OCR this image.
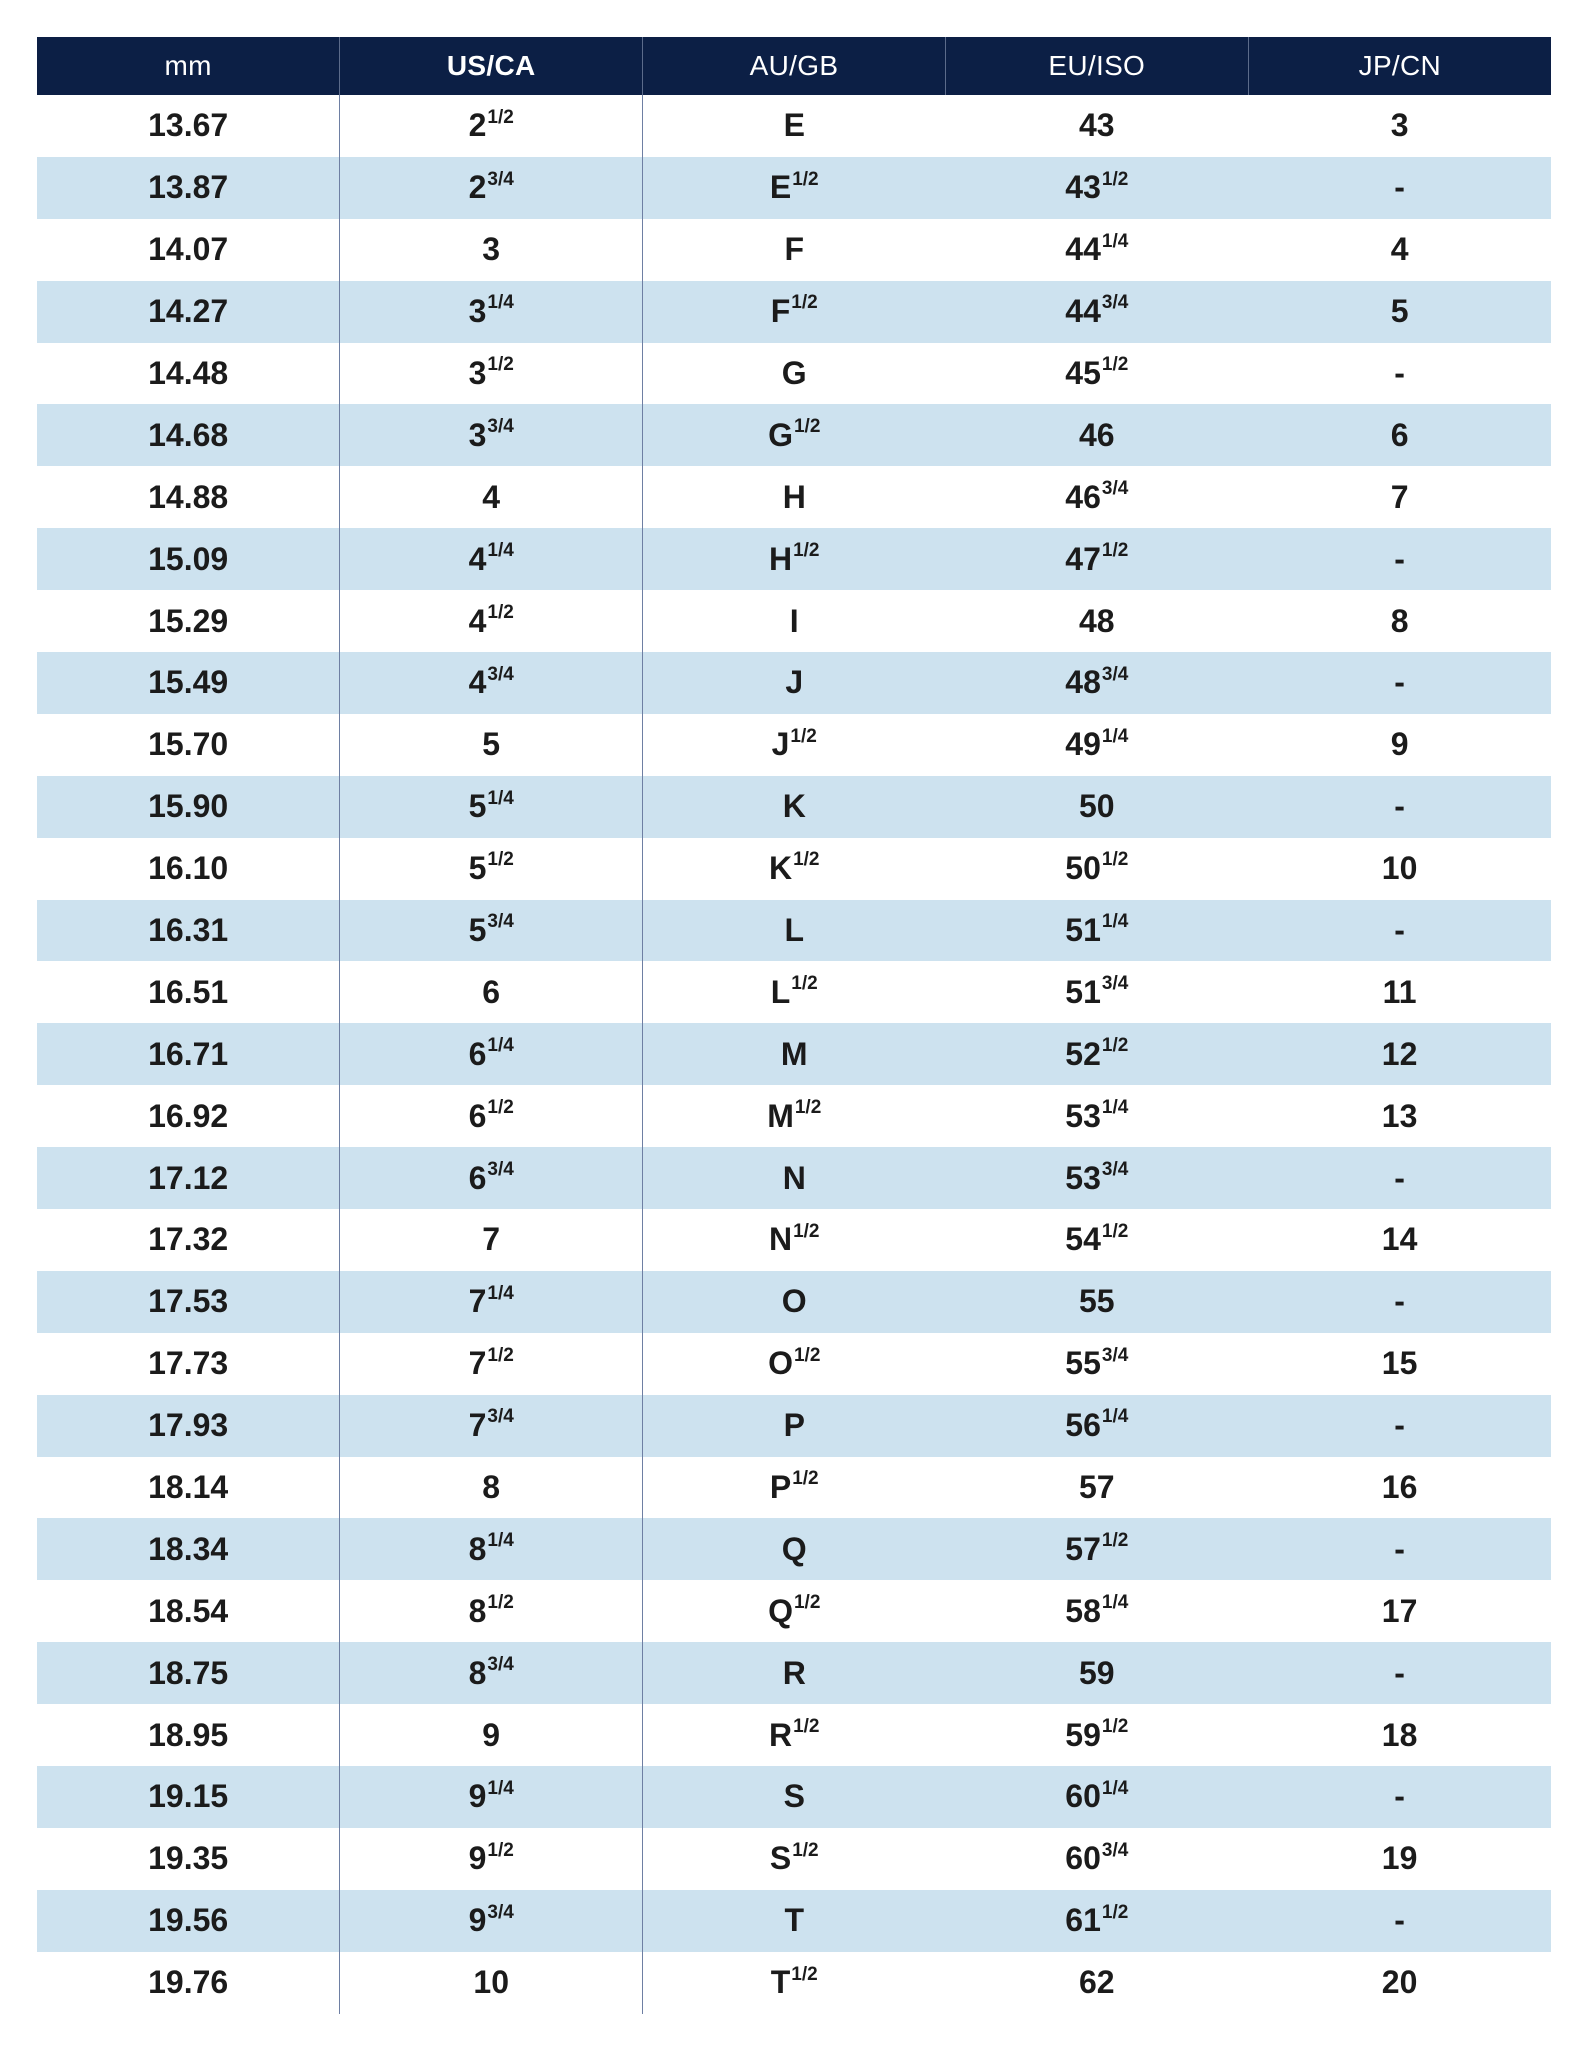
mm	US/CA	AU/GB	EU/ISO	JP/CN
13.67	$2^{1/2}$	E	43	3
13.87	$2^{3/4}$	$E^{1/2}$	$43^{1/2}$	-
14.07	3	F	$44^{1/4}$	4
14.27	$3^{1/4}$	$F^{1/2}$	$44^{3/4}$	5
14.48	$3^{1/2}$	G	$45^{1/2}$	-
14.68	$3^{3/4}$	$G^{1/2}$	46	6
14.88	4	H	$46^{3/4}$	7
15.09	$4^{1/4}$	$H^{1/2}$	$47^{1/2}$	-
15.29	$4^{1/2}$	I	48	8
15.49	$4^{3/4}$	J	$48^{3/4}$	-
15.70	5	$J^{1/2}$	$49^{1/4}$	9
15.90	$5^{1/4}$	K	50	-
16.10	$5^{1/2}$	$K^{1/2}$	$50^{1/2}$	10
16.31	$5^{3/4}$	L	$51^{1/4}$	-
16.51	6	$L^{1/2}$	$51^{3/4}$	11
16.71	$6^{1/4}$	M	$52^{1/2}$	12
16.92	$6^{1/2}$	$M^{1/2}$	$53^{1/4}$	13
17.12	$6^{3/4}$	N	$53^{3/4}$	-
17.32	7	$N^{1/2}$	$54^{1/2}$	14
17.53	$7^{1/4}$	O	55	-
17.73	$7^{1/2}$	$O^{1/2}$	$55^{3/4}$	15
17.93	$7^{3/4}$	P	$56^{1/4}$	-
18.14	8	$P^{1/2}$	57	16
18.34	$8^{1/4}$	Q	$57^{1/2}$	-
18.54	$8^{1/2}$	$Q^{1/2}$	$58^{1/4}$	17
18.75	$8^{3/4}$	R	59	-
18.95	9	$R^{1/2}$	$59^{1/2}$	18
19.15	$9^{1/4}$	S	$60^{1/4}$	-
19.35	$9^{1/2}$	$S^{1/2}$	$60^{3/4}$	19
19.56	$9^{3/4}$	T	$61^{1/2}$	-
19.76	10	$T^{1/2}$	62	20
